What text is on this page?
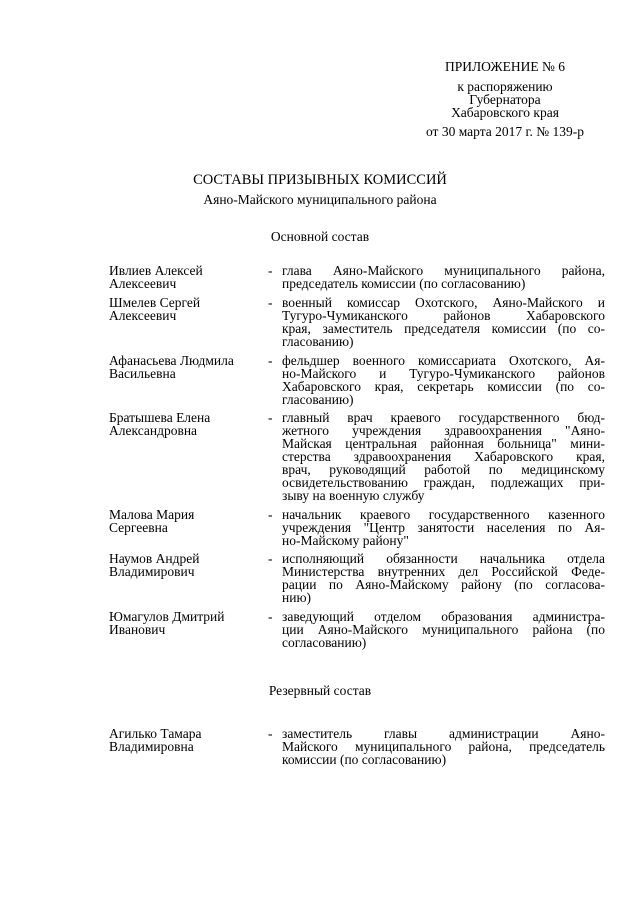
ПРИЛОЖЕНИЕ № 6
к распоряжению
Губернатора
Хабаровского края
от 30 марта 2017 г. № 139-р
СОСТАВЫ ПРИЗЫВНЫХ КОМИССИЙ
Аяно-Майского муниципального района
Основной состав
Ивлиев Алексей
Алексеевич
- глава Аяно-Майского муниципального района,
председатель комиссии (по согласованию)
Шмелев Сергей
Алексеевич
- военный комиссар Охотского, Аяно-Майского и
Тугуро-Чумиканского районов Хабаровского
края, заместитель председателя комиссии (по со-
гласованию)
Афанасьева Людмила
Васильевна
- фельдшер военного комиссариата Охотского, Ая-
но-Майского и Тугуро-Чумиканского районов
Хабаровского края, секретарь комиссии (по со-
гласованию)
Братышева Елена
Александровна
- главный врач краевого государственного бюд-
жетного учреждения здравоохранения "Аяно-
Майская центральная районная больница" мини-
стерства здравоохранения Хабаровского края,
врач, руководящий работой по медицинскому
освидетельствованию граждан, подлежащих при-
зыву на военную службу
Малова Мария
Сергеевна
- начальник краевого государственного казенного
учреждения "Центр занятости населения по Ая-
но-Майскому району"
Наумов Андрей
Владимирович
- исполняющий обязанности начальника отдела
Министерства внутренних дел Российской Феде-
рации по Аяно-Майскому району (по согласова-
нию)
Юмагулов Дмитрий
Иванович
- заведующий отделом образования администра-
ции Аяно-Майского муниципального района (по
согласованию)
Резервный состав
Агилько Тамара
Владимировна
- заместитель главы администрации Аяно-
Майского муниципального района, председатель
комиссии (по согласованию)
